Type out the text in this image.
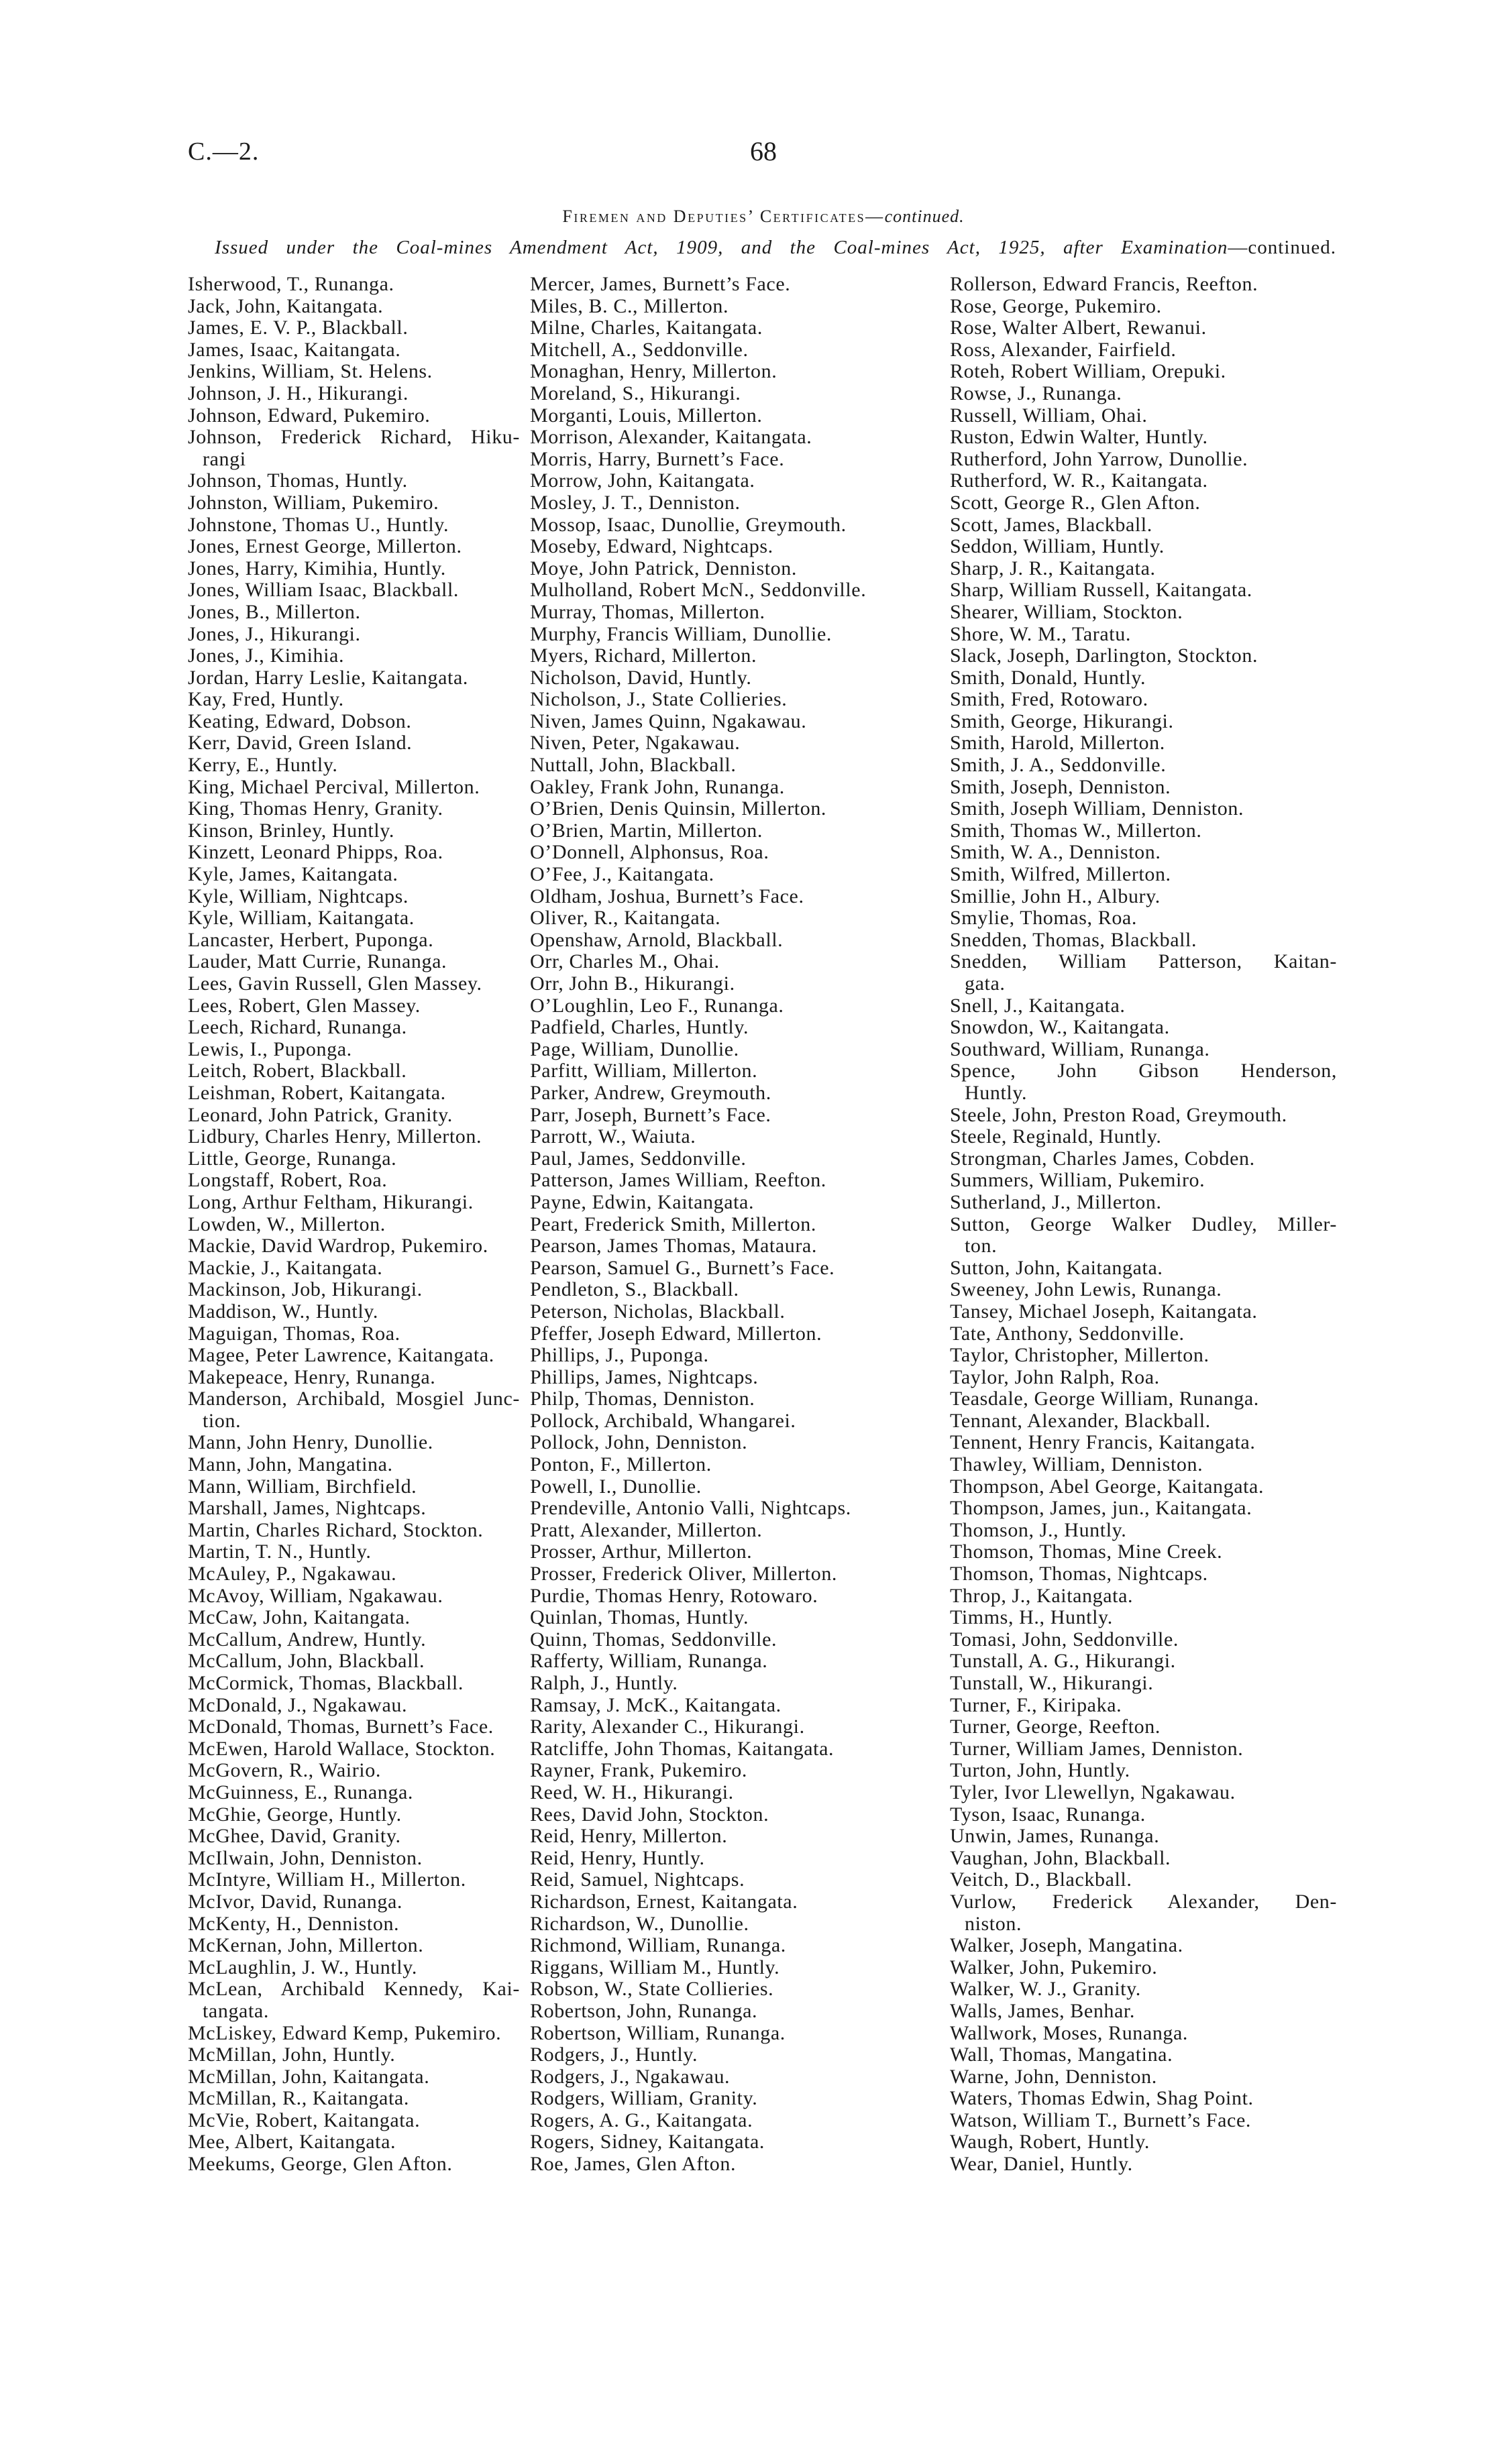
C.—2.	68
Firemen and Deputies’ Certificates—continued.
Issued under the Coal-mines Amendment Act, 1909, and the Coal-mines Act, 1925, after Examination—continued.
Isherwood, T., Runanga.
Jack, John, Kaitangata.
James, E. V. P., Blackball.
James, Isaac, Kaitangata.
Jenkins, William, St. Helens.
Johnson, J. H., Hikurangi.
Johnson, Edward, Pukemiro.
Johnson, Frederick Richard, Hiku-
rangi
Johnson, Thomas, Huntly.
Johnston, William, Pukemiro.
Johnstone, Thomas U., Huntly.
Jones, Ernest George, Millerton.
Jones, Harry, Kimihia, Huntly.
Jones, William Isaac, Blackball.
Jones, B., Millerton.
Jones, J., Hikurangi.
Jones, J., Kimihia.
Jordan, Harry Leslie, Kaitangata.
Kay, Fred, Huntly.
Keating, Edward, Dobson.
Kerr, David, Green Island.
Kerry, E., Huntly.
King, Michael Percival, Millerton.
King, Thomas Henry, Granity.
Kinson, Brinley, Huntly.
Kinzett, Leonard Phipps, Roa.
Kyle, James, Kaitangata.
Kyle, William, Nightcaps.
Kyle, William, Kaitangata.
Lancaster, Herbert, Puponga.
Lauder, Matt Currie, Runanga.
Lees, Gavin Russell, Glen Massey.
Lees, Robert, Glen Massey.
Leech, Richard, Runanga.
Lewis, I., Puponga.
Leitch, Robert, Blackball.
Leishman, Robert, Kaitangata.
Leonard, John Patrick, Granity.
Lidbury, Charles Henry, Millerton.
Little, George, Runanga.
Longstaff, Robert, Roa.
Long, Arthur Feltham, Hikurangi.
Lowden, W., Millerton.
Mackie, David Wardrop, Pukemiro.
Mackie, J., Kaitangata.
Mackinson, Job, Hikurangi.
Maddison, W., Huntly.
Maguigan, Thomas, Roa.
Magee, Peter Lawrence, Kaitangata.
Makepeace, Henry, Runanga.
Manderson, Archibald, Mosgiel Junc-
tion.
Mann, John Henry, Dunollie.
Mann, John, Mangatina.
Mann, William, Birchfield.
Marshall, James, Nightcaps.
Martin, Charles Richard, Stockton.
Martin, T. N., Huntly.
McAuley, P., Ngakawau.
McAvoy, William, Ngakawau.
McCaw, John, Kaitangata.
McCallum, Andrew, Huntly.
McCallum, John, Blackball.
McCormick, Thomas, Blackball.
McDonald, J., Ngakawau.
McDonald, Thomas, Burnett’s Face.
McEwen, Harold Wallace, Stockton.
McGovern, R., Wairio.
McGuinness, E., Runanga.
McGhie, George, Huntly.
McGhee, David, Granity.
McIlwain, John, Denniston.
McIntyre, William H., Millerton.
McIvor, David, Runanga.
McKenty, H., Denniston.
McKernan, John, Millerton.
McLaughlin, J. W., Huntly.
McLean, Archibald Kennedy, Kai-
tangata.
McLiskey, Edward Kemp, Pukemiro.
McMillan, John, Huntly.
McMillan, John, Kaitangata.
McMillan, R., Kaitangata.
McVie, Robert, Kaitangata.
Mee, Albert, Kaitangata.
Meekums, George, Glen Afton.
Mercer, James, Burnett’s Face.
Miles, B. C., Millerton.
Milne, Charles, Kaitangata.
Mitchell, A., Seddonville.
Monaghan, Henry, Millerton.
Moreland, S., Hikurangi.
Morganti, Louis, Millerton.
Morrison, Alexander, Kaitangata.
Morris, Harry, Burnett’s Face.
Morrow, John, Kaitangata.
Mosley, J. T., Denniston.
Mossop, Isaac, Dunollie, Greymouth.
Moseby, Edward, Nightcaps.
Moye, John Patrick, Denniston.
Mulholland, Robert McN., Seddonville.
Murray, Thomas, Millerton.
Murphy, Francis William, Dunollie.
Myers, Richard, Millerton.
Nicholson, David, Huntly.
Nicholson, J., State Collieries.
Niven, James Quinn, Ngakawau.
Niven, Peter, Ngakawau.
Nuttall, John, Blackball.
Oakley, Frank John, Runanga.
O’Brien, Denis Quinsin, Millerton.
O’Brien, Martin, Millerton.
O’Donnell, Alphonsus, Roa.
O’Fee, J., Kaitangata.
Oldham, Joshua, Burnett’s Face.
Oliver, R., Kaitangata.
Openshaw, Arnold, Blackball.
Orr, Charles M., Ohai.
Orr, John B., Hikurangi.
O’Loughlin, Leo F., Runanga.
Padfield, Charles, Huntly.
Page, William, Dunollie.
Parfitt, William, Millerton.
Parker, Andrew, Greymouth.
Parr, Joseph, Burnett’s Face.
Parrott, W., Waiuta.
Paul, James, Seddonville.
Patterson, James William, Reefton.
Payne, Edwin, Kaitangata.
Peart, Frederick Smith, Millerton.
Pearson, James Thomas, Mataura.
Pearson, Samuel G., Burnett’s Face.
Pendleton, S., Blackball.
Peterson, Nicholas, Blackball.
Pfeffer, Joseph Edward, Millerton.
Phillips, J., Puponga.
Phillips, James, Nightcaps.
Philp, Thomas, Denniston.
Pollock, Archibald, Whangarei.
Pollock, John, Denniston.
Ponton, F., Millerton.
Powell, I., Dunollie.
Prendeville, Antonio Valli, Nightcaps.
Pratt, Alexander, Millerton.
Prosser, Arthur, Millerton.
Prosser, Frederick Oliver, Millerton.
Purdie, Thomas Henry, Rotowaro.
Quinlan, Thomas, Huntly.
Quinn, Thomas, Seddonville.
Rafferty, William, Runanga.
Ralph, J., Huntly.
Ramsay, J. McK., Kaitangata.
Rarity, Alexander C., Hikurangi.
Ratcliffe, John Thomas, Kaitangata.
Rayner, Frank, Pukemiro.
Reed, W. H., Hikurangi.
Rees, David John, Stockton.
Reid, Henry, Millerton.
Reid, Henry, Huntly.
Reid, Samuel, Nightcaps.
Richardson, Ernest, Kaitangata.
Richardson, W., Dunollie.
Richmond, William, Runanga.
Riggans, William M., Huntly.
Robson, W., State Collieries.
Robertson, John, Runanga.
Robertson, William, Runanga.
Rodgers, J., Huntly.
Rodgers, J., Ngakawau.
Rodgers, William, Granity.
Rogers, A. G., Kaitangata.
Rogers, Sidney, Kaitangata.
Roe, James, Glen Afton.
Rollerson, Edward Francis, Reefton.
Rose, George, Pukemiro.
Rose, Walter Albert, Rewanui.
Ross, Alexander, Fairfield.
Roteh, Robert William, Orepuki.
Rowse, J., Runanga.
Russell, William, Ohai.
Ruston, Edwin Walter, Huntly.
Rutherford, John Yarrow, Dunollie.
Rutherford, W. R., Kaitangata.
Scott, George R., Glen Afton.
Scott, James, Blackball.
Seddon, William, Huntly.
Sharp, J. R., Kaitangata.
Sharp, William Russell, Kaitangata.
Shearer, William, Stockton.
Shore, W. M., Taratu.
Slack, Joseph, Darlington, Stockton.
Smith, Donald, Huntly.
Smith, Fred, Rotowaro.
Smith, George, Hikurangi.
Smith, Harold, Millerton.
Smith, J. A., Seddonville.
Smith, Joseph, Denniston.
Smith, Joseph William, Denniston.
Smith, Thomas W., Millerton.
Smith, W. A., Denniston.
Smith, Wilfred, Millerton.
Smillie, John H., Albury.
Smylie, Thomas, Roa.
Snedden, Thomas, Blackball.
Snedden, William Patterson, Kaitan-
gata.
Snell, J., Kaitangata.
Snowdon, W., Kaitangata.
Southward, William, Runanga.
Spence, John Gibson Henderson,
Huntly.
Steele, John, Preston Road, Greymouth.
Steele, Reginald, Huntly.
Strongman, Charles James, Cobden.
Summers, William, Pukemiro.
Sutherland, J., Millerton.
Sutton, George Walker Dudley, Miller-
ton.
Sutton, John, Kaitangata.
Sweeney, John Lewis, Runanga.
Tansey, Michael Joseph, Kaitangata.
Tate, Anthony, Seddonville.
Taylor, Christopher, Millerton.
Taylor, John Ralph, Roa.
Teasdale, George William, Runanga.
Tennant, Alexander, Blackball.
Tennent, Henry Francis, Kaitangata.
Thawley, William, Denniston.
Thompson, Abel George, Kaitangata.
Thompson, James, jun., Kaitangata.
Thomson, J., Huntly.
Thomson, Thomas, Mine Creek.
Thomson, Thomas, Nightcaps.
Throp, J., Kaitangata.
Timms, H., Huntly.
Tomasi, John, Seddonville.
Tunstall, A. G., Hikurangi.
Tunstall, W., Hikurangi.
Turner, F., Kiripaka.
Turner, George, Reefton.
Turner, William James, Denniston.
Turton, John, Huntly.
Tyler, Ivor Llewellyn, Ngakawau.
Tyson, Isaac, Runanga.
Unwin, James, Runanga.
Vaughan, John, Blackball.
Veitch, D., Blackball.
Vurlow, Frederick Alexander, Den-
niston.
Walker, Joseph, Mangatina.
Walker, John, Pukemiro.
Walker, W. J., Granity.
Walls, James, Benhar.
Wallwork, Moses, Runanga.
Wall, Thomas, Mangatina.
Warne, John, Denniston.
Waters, Thomas Edwin, Shag Point.
Watson, William T., Burnett’s Face.
Waugh, Robert, Huntly.
Wear, Daniel, Huntly.
